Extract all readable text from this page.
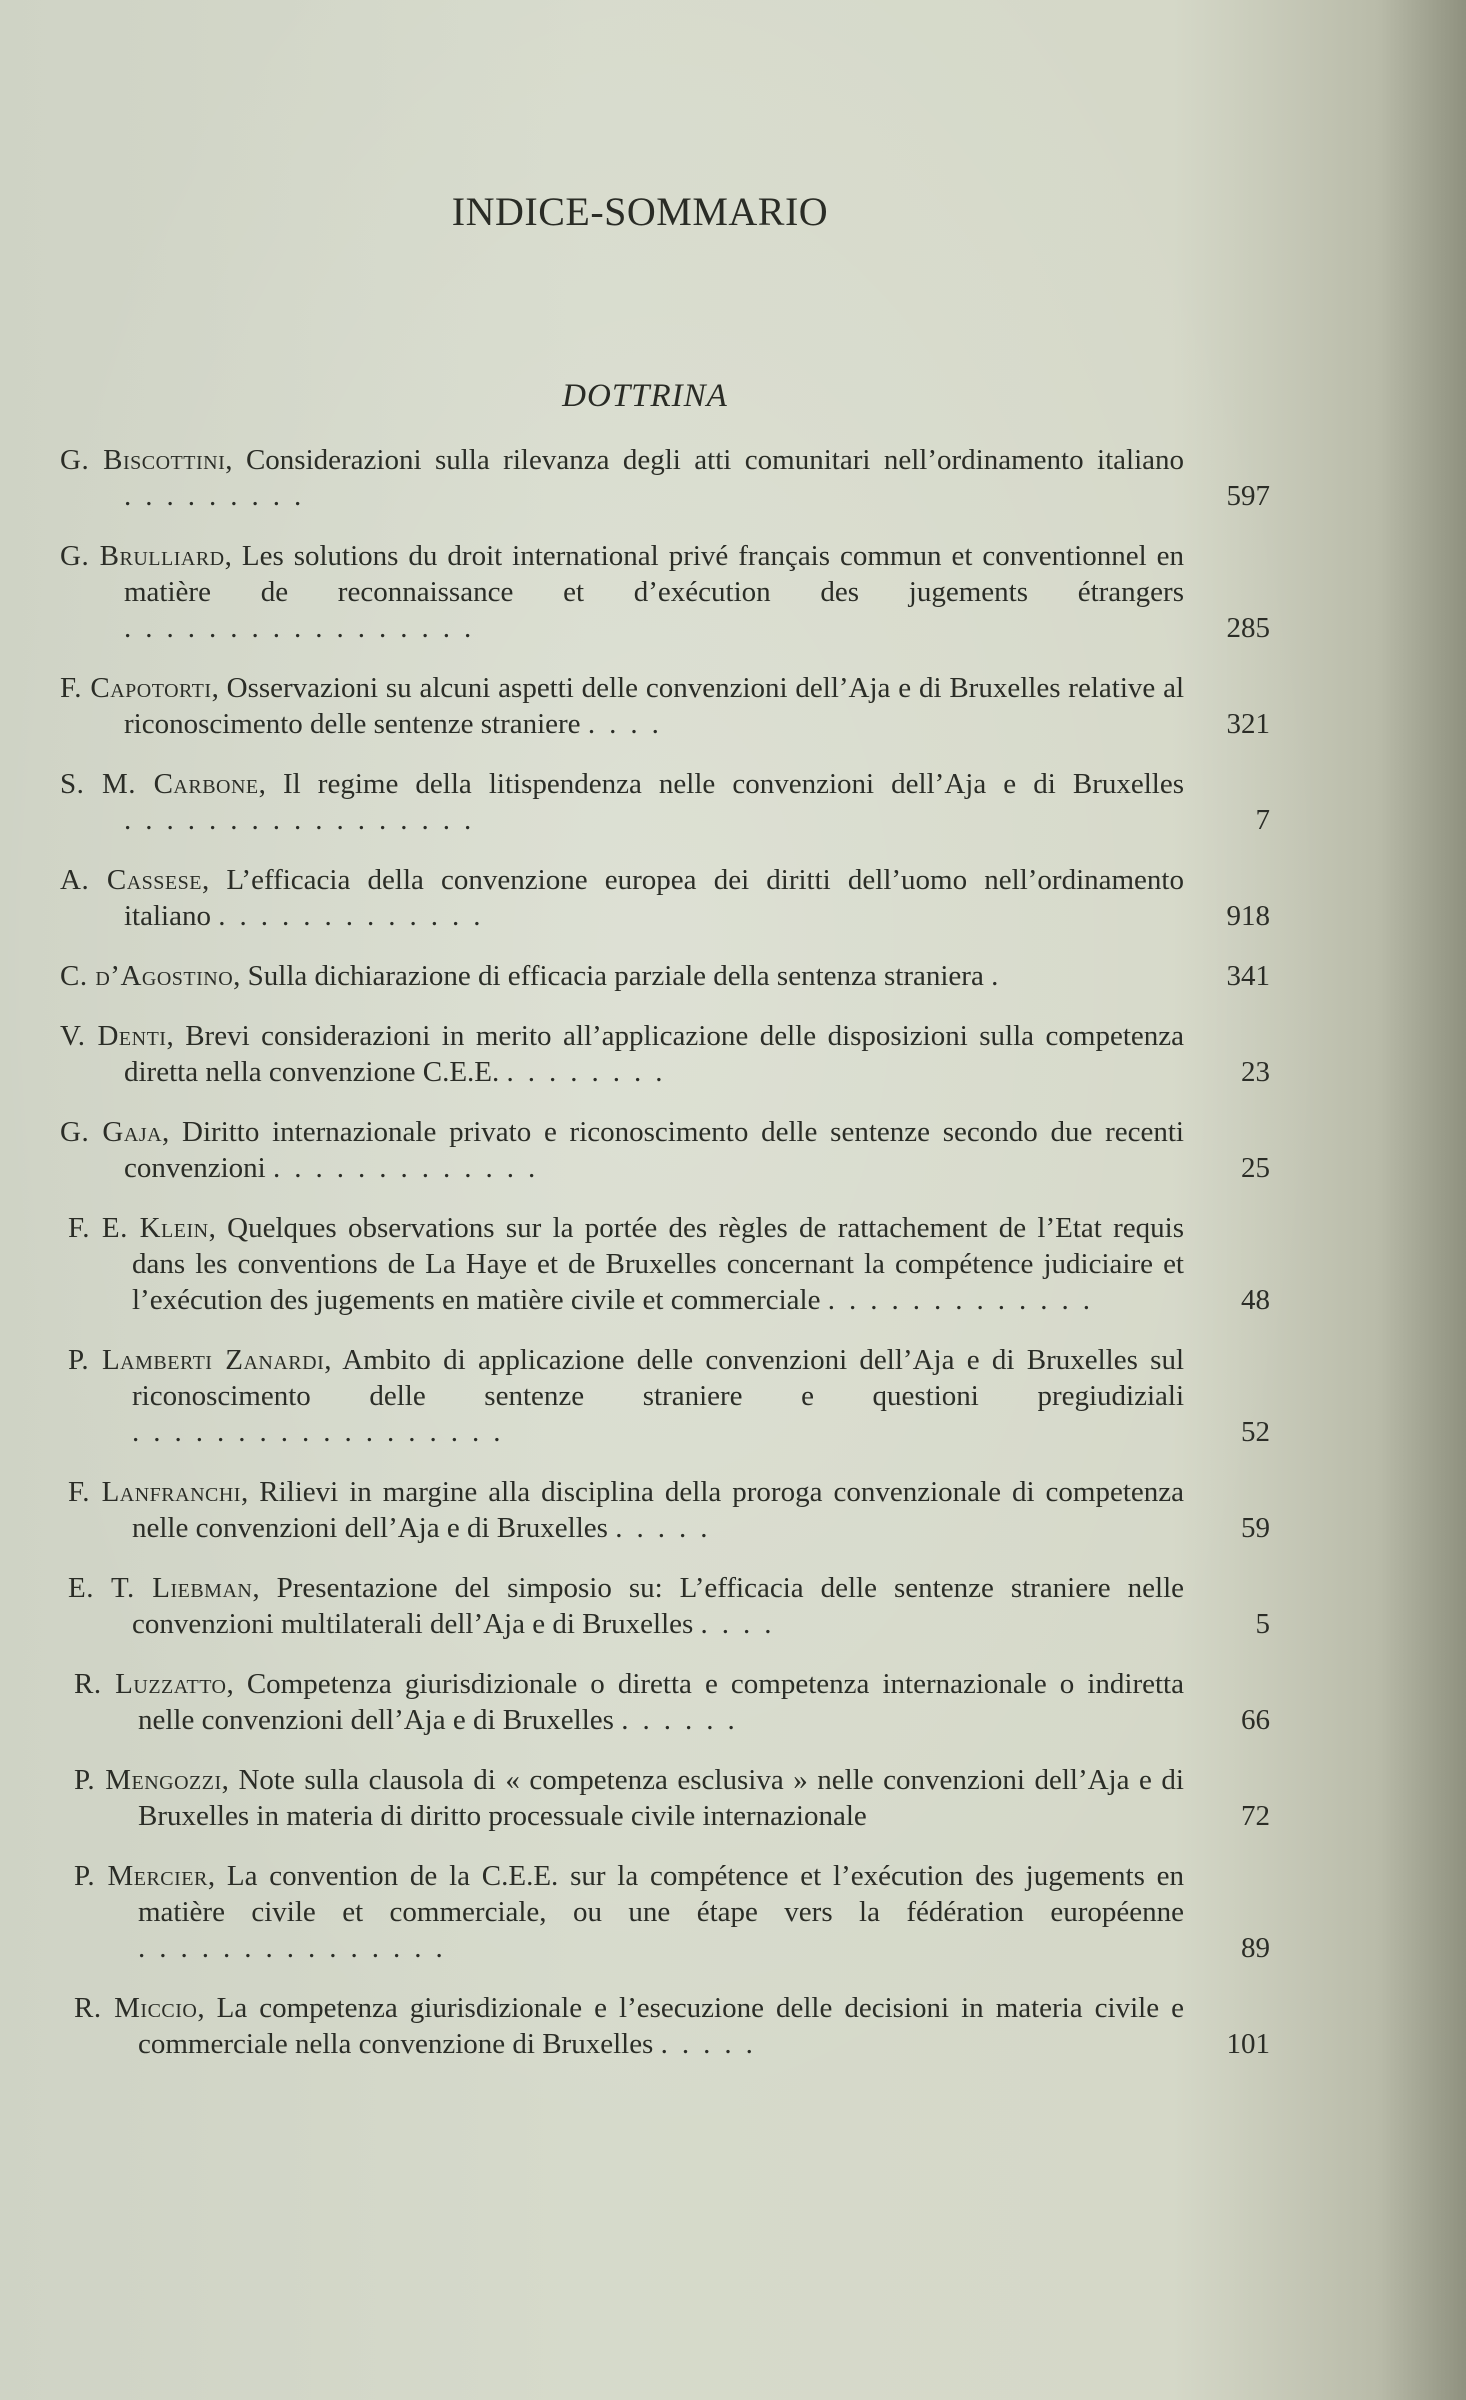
INDICE-SOMMARIO
DOTTRINA
G. Biscottini, Considerazioni sulla rilevanza degli atti comunitari nell’ordinamento italiano .........	597
G. Brulliard, Les solutions du droit international privé français commun et conventionnel en matière de reconnaissance et d’exécution des jugements étrangers .................	285
F. Capotorti, Osservazioni su alcuni aspetti delle convenzioni dell’Aja e di Bruxelles relative al riconoscimento delle sentenze straniere ....	321
S. M. Carbone, Il regime della litispendenza nelle convenzioni dell’Aja e di Bruxelles .................	7
A. Cassese, L’efficacia della convenzione europea dei diritti dell’uomo nell’ordinamento italiano .............	918
C. d’Agostino, Sulla dichiarazione di efficacia parziale della sentenza straniera .	341
V. Denti, Brevi considerazioni in merito all’applicazione delle disposizioni sulla competenza diretta nella convenzione C.E.E. ........	23
G. Gaja, Diritto internazionale privato e riconoscimento delle sentenze secondo due recenti convenzioni .............	25
F. E. Klein, Quelques observations sur la portée des règles de rattachement de l’Etat requis dans les conventions de La Haye et de Bruxelles concernant la compétence judiciaire et l’exécution des jugements en matière civile et commerciale .............	48
P. Lamberti Zanardi, Ambito di applicazione delle convenzioni dell’Aja e di Bruxelles sul riconoscimento delle sentenze straniere e questioni pregiudiziali ..................	52
F. Lanfranchi, Rilievi in margine alla disciplina della proroga convenzionale di competenza nelle convenzioni dell’Aja e di Bruxelles .....	59
E. T. Liebman, Presentazione del simposio su: L’efficacia delle sentenze straniere nelle convenzioni multilaterali dell’Aja e di Bruxelles ....	5
R. Luzzatto, Competenza giurisdizionale o diretta e competenza internazionale o indiretta nelle convenzioni dell’Aja e di Bruxelles ......	66
P. Mengozzi, Note sulla clausola di « competenza esclusiva » nelle convenzioni dell’Aja e di Bruxelles in materia di diritto processuale civile internazionale	72
P. Mercier, La convention de la C.E.E. sur la compétence et l’exécution des jugements en matière civile et commerciale, ou une étape vers la fédération européenne ...............	89
R. Miccio, La competenza giurisdizionale e l’esecuzione delle decisioni in materia civile e commerciale nella convenzione di Bruxelles .....	101
